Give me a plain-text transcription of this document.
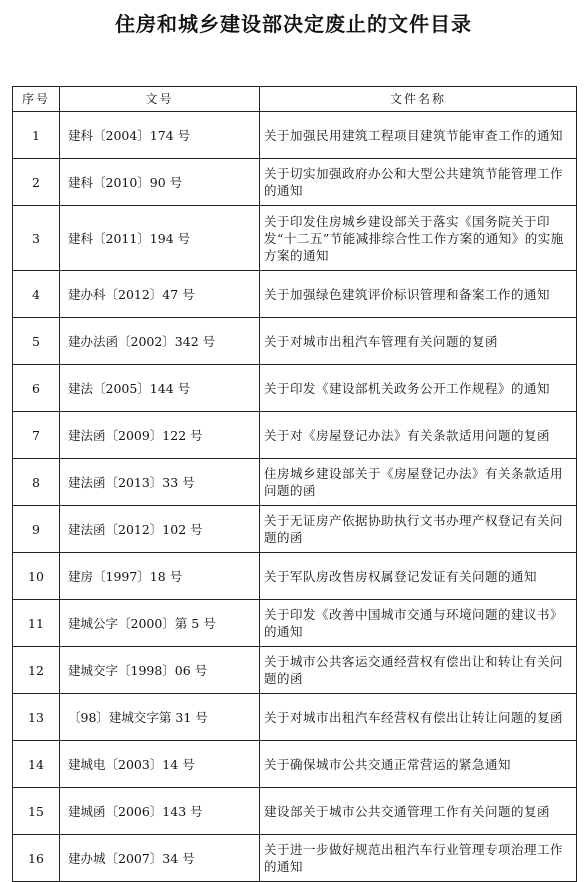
住房和城乡建设部决定废止的文件目录
序号	文号	文件名称
1	建科〔2004〕174 号	关于加强民用建筑工程项目建筑节能审查工作的通知
2	建科〔2010〕90 号	关于切实加强政府办公和大型公共建筑节能管理工作的通知
3	建科〔2011〕194 号	关于印发住房城乡建设部关于落实《国务院关于印发“十二五”节能减排综合性工作方案的通知》的实施方案的通知
4	建办科〔2012〕47 号	关于加强绿色建筑评价标识管理和备案工作的通知
5	建办法函〔2002〕342 号	关于对城市出租汽车管理有关问题的复函
6	建法〔2005〕144 号	关于印发《建设部机关政务公开工作规程》的通知
7	建法函〔2009〕122 号	关于对《房屋登记办法》有关条款适用问题的复函
8	建法函〔2013〕33 号	住房城乡建设部关于《房屋登记办法》有关条款适用问题的函
9	建法函〔2012〕102 号	关于无证房产依据协助执行文书办理产权登记有关问题的函
10	建房〔1997〕18 号	关于军队房改售房权属登记发证有关问题的通知
11	建城公字〔2000〕第 5 号	关于印发《改善中国城市交通与环境问题的建议书》的通知
12	建城交字〔1998〕06 号	关于城市公共客运交通经营权有偿出让和转让有关问题的函
13	〔98〕建城交字第 31 号	关于对城市出租汽车经营权有偿出让转让问题的复函
14	建城电〔2003〕14 号	关于确保城市公共交通正常营运的紧急通知
15	建城函〔2006〕143 号	建设部关于城市公共交通管理工作有关问题的复函
16	建办城〔2007〕34 号	关于进一步做好规范出租汽车行业管理专项治理工作的通知
